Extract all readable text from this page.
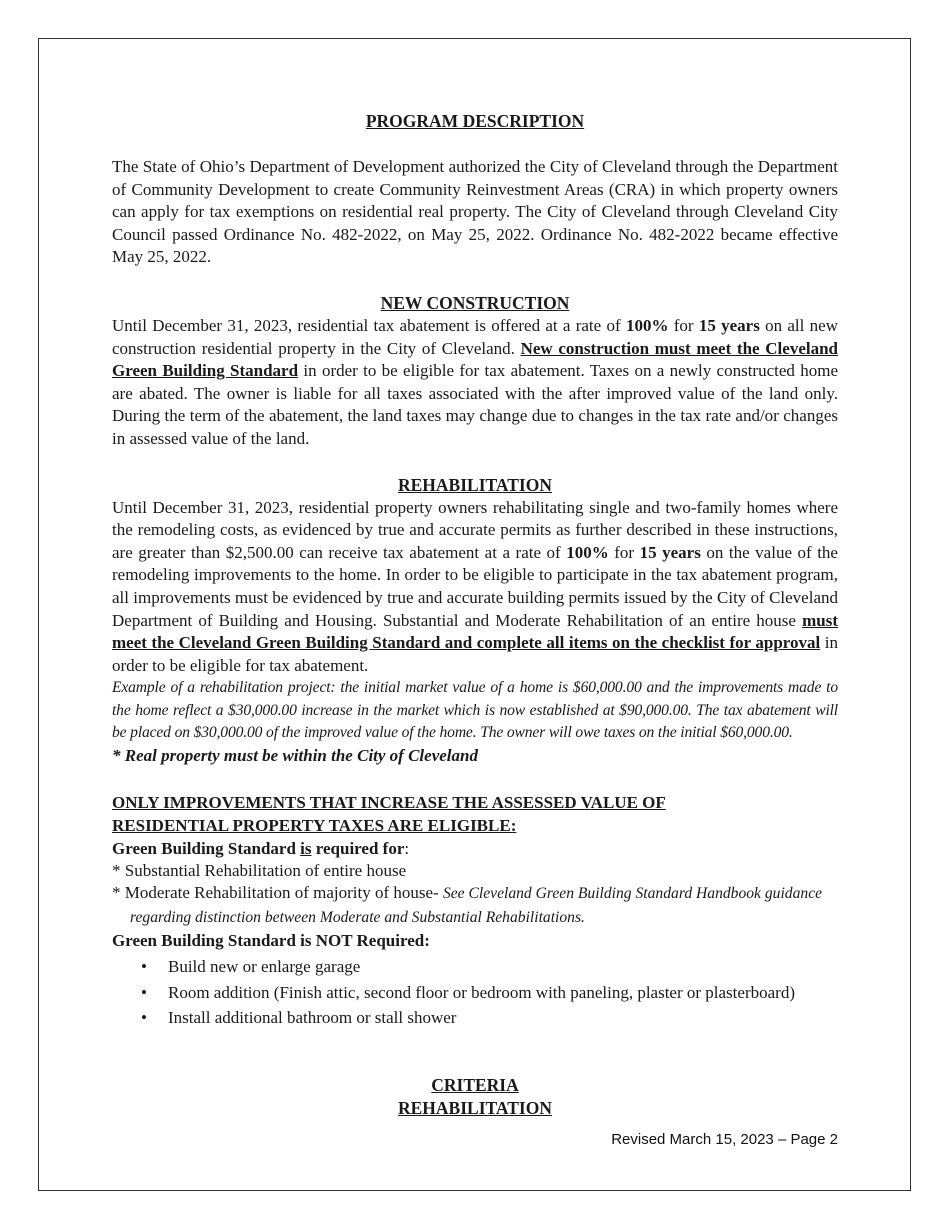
PROGRAM DESCRIPTION

The State of Ohio’s Department of Development authorized the City of Cleveland through the Department of Community Development to create Community Reinvestment Areas (CRA) in which property owners can apply for tax exemptions on residential real property. The City of Cleveland through Cleveland City Council passed Ordinance No. 482-2022, on May 25, 2022. Ordinance No. 482-2022 became effective May 25, 2022.

NEW CONSTRUCTION

Until December 31, 2023, residential tax abatement is offered at a rate of 100% for 15 years on all new construction residential property in the City of Cleveland. New construction must meet the Cleveland Green Building Standard in order to be eligible for tax abatement. Taxes on a newly constructed home are abated. The owner is liable for all taxes associated with the after improved value of the land only. During the term of the abatement, the land taxes may change due to changes in the tax rate and/or changes in assessed value of the land.

REHABILITATION

Until December 31, 2023, residential property owners rehabilitating single and two-family homes where the remodeling costs, as evidenced by true and accurate permits as further described in these instructions, are greater than $2,500.00 can receive tax abatement at a rate of 100% for 15 years on the value of the remodeling improvements to the home. In order to be eligible to participate in the tax abatement program, all improvements must be evidenced by true and accurate building permits issued by the City of Cleveland Department of Building and Housing. Substantial and Moderate Rehabilitation of an entire house must meet the Cleveland Green Building Standard and complete all items on the checklist for approval in order to be eligible for tax abatement.

Example of a rehabilitation project: the initial market value of a home is $60,000.00 and the improvements made to the home reflect a $30,000.00 increase in the market which is now established at $90,000.00. The tax abatement will be placed on $30,000.00 of the improved value of the home. The owner will owe taxes on the initial $60,000.00.

* Real property must be within the City of Cleveland
ONLY IMPROVEMENTS THAT INCREASE THE ASSESSED VALUE OF
RESIDENTIAL PROPERTY TAXES ARE ELIGIBLE:
Green Building Standard is required for:
* Substantial Rehabilitation of entire house
* Moderate Rehabilitation of majority of house- See Cleveland Green Building Standard Handbook guidance regarding distinction between Moderate and Substantial Rehabilitations.
Green Building Standard is NOT Required:
• Build new or enlarge garage
• Room addition (Finish attic, second floor or bedroom with paneling, plaster or plasterboard)
• Install additional bathroom or stall shower
CRITERIA
REHABILITATION
Revised March 15, 2023 – Page 2
